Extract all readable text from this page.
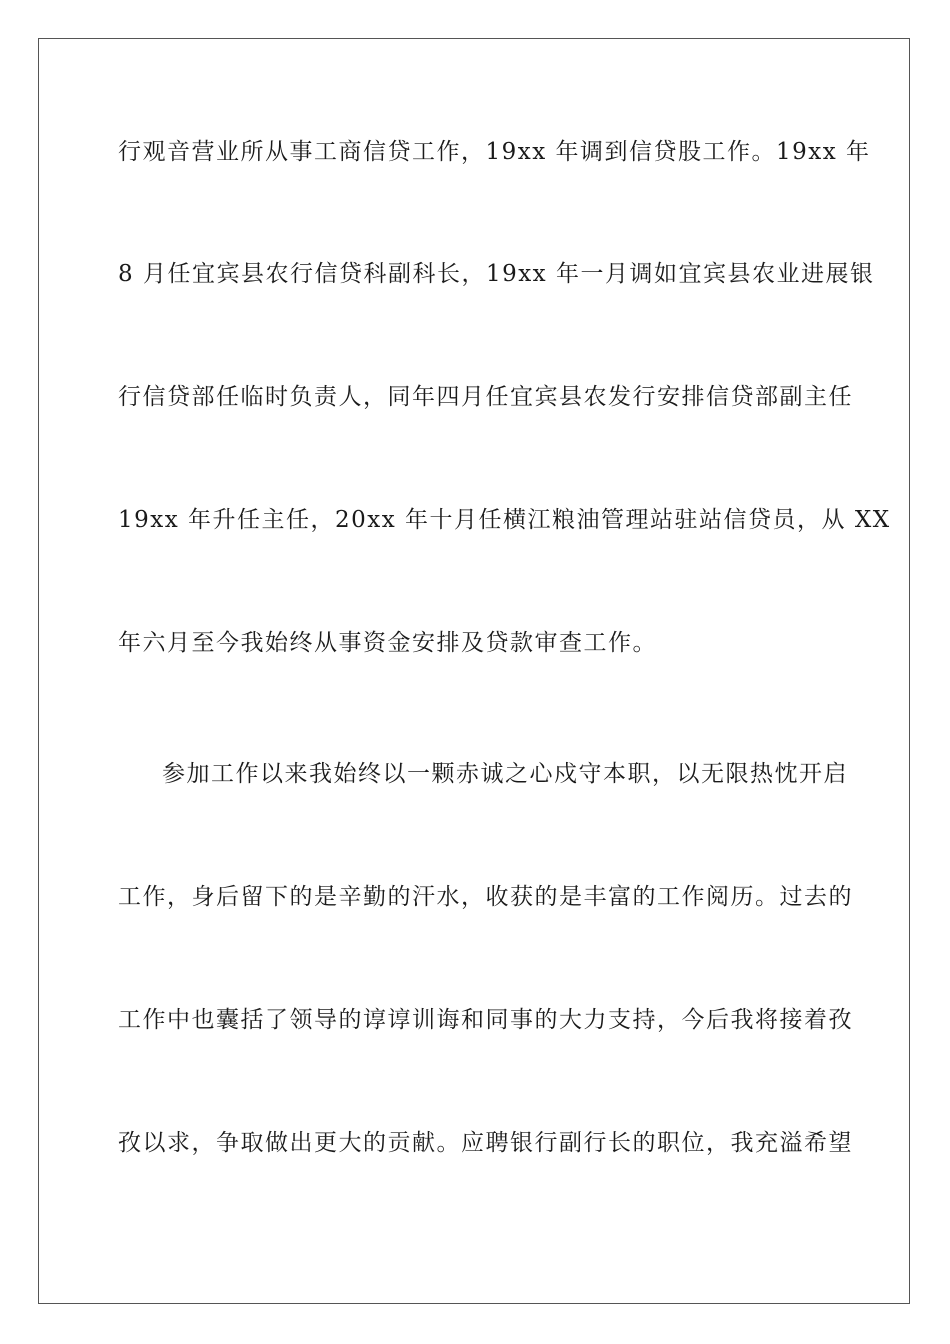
行观音营业所从事工商信贷工作，19xx 年调到信贷股工作。19xx 年
8 月任宜宾县农行信贷科副科长，19xx 年一月调如宜宾县农业进展银
行信贷部任临时负责人，同年四月任宜宾县农发行安排信贷部副主任
19xx 年升任主任，20xx 年十月任横江粮油管理站驻站信贷员，从 XX
年六月至今我始终从事资金安排及贷款审查工作。
参加工作以来我始终以一颗赤诚之心戍守本职，以无限热忱开启
工作，身后留下的是辛勤的汗水，收获的是丰富的工作阅历。过去的
工作中也囊括了领导的谆谆训诲和同事的大力支持，今后我将接着孜
孜以求，争取做出更大的贡献。应聘银行副行长的职位，我充溢希望
